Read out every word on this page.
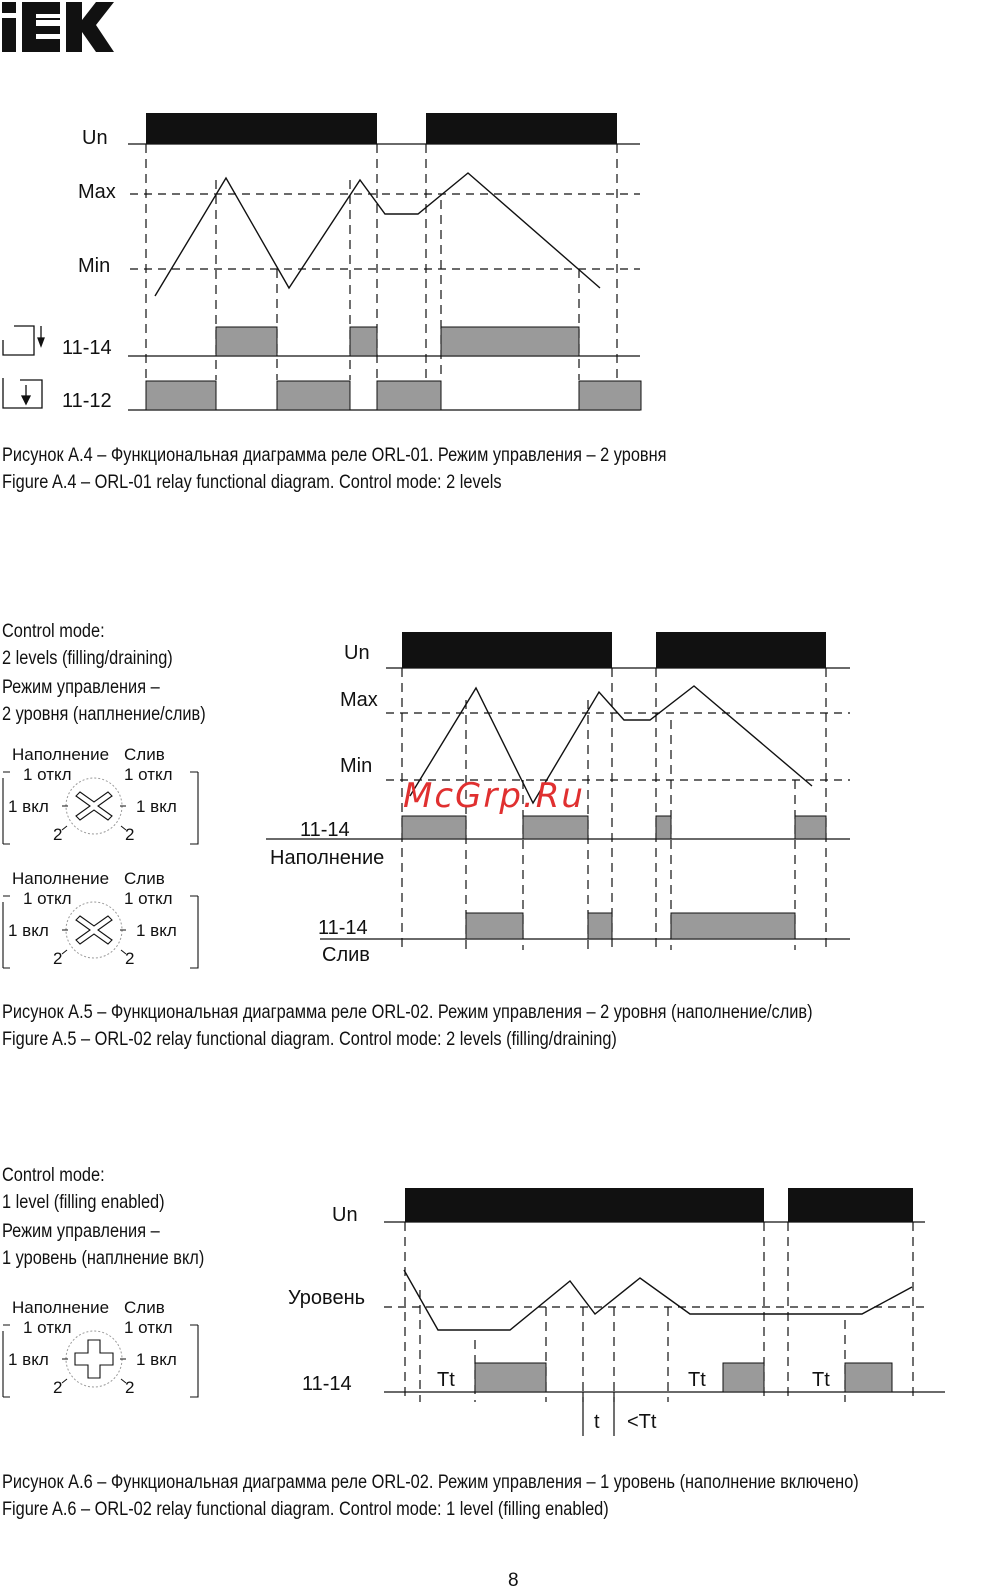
Un
Max
Min
11-14
11-12
Рисунок А.4 – Функциональная диаграмма реле ORL-01. Режим управления – 2 уровня
Figure A.4 – ORL-01 relay functional diagram. Control mode: 2 levels
Control mode:
2 levels (filling/draining)
Режим управления –
2 уровня (наплнение/слив)
Наполнение Слив
1 откл	1 откл
1 вкл	1 вкл
2	2
Наполнение Слив
1 откл	1 откл
1 вкл	1 вкл
2	2
Un
Max
Min
11-14
Наполнение
11-14
Слив
McGrp.Ru
Рисунок А.5 – Функциональная диаграмма реле ORL-02. Режим управления – 2 уровня (наполнение/слив)
Figure A.5 – ORL-02 relay functional diagram. Control mode: 2 levels (filling/draining)
Control mode:
1 level (filling enabled)
Режим управления –
1 уровень (наплнение вкл)
Наполнение Слив
1 откл	1 откл
1 вкл	1 вкл
2	2
Un
Уровень
11-14	Tt	Tt	Tt
t <Tt
Рисунок А.6 – Функциональная диаграмма реле ORL-02. Режим управления – 1 уровень (наполнение включено)
Figure A.6 – ORL-02 relay functional diagram. Control mode: 1 level (filling enabled)
8
